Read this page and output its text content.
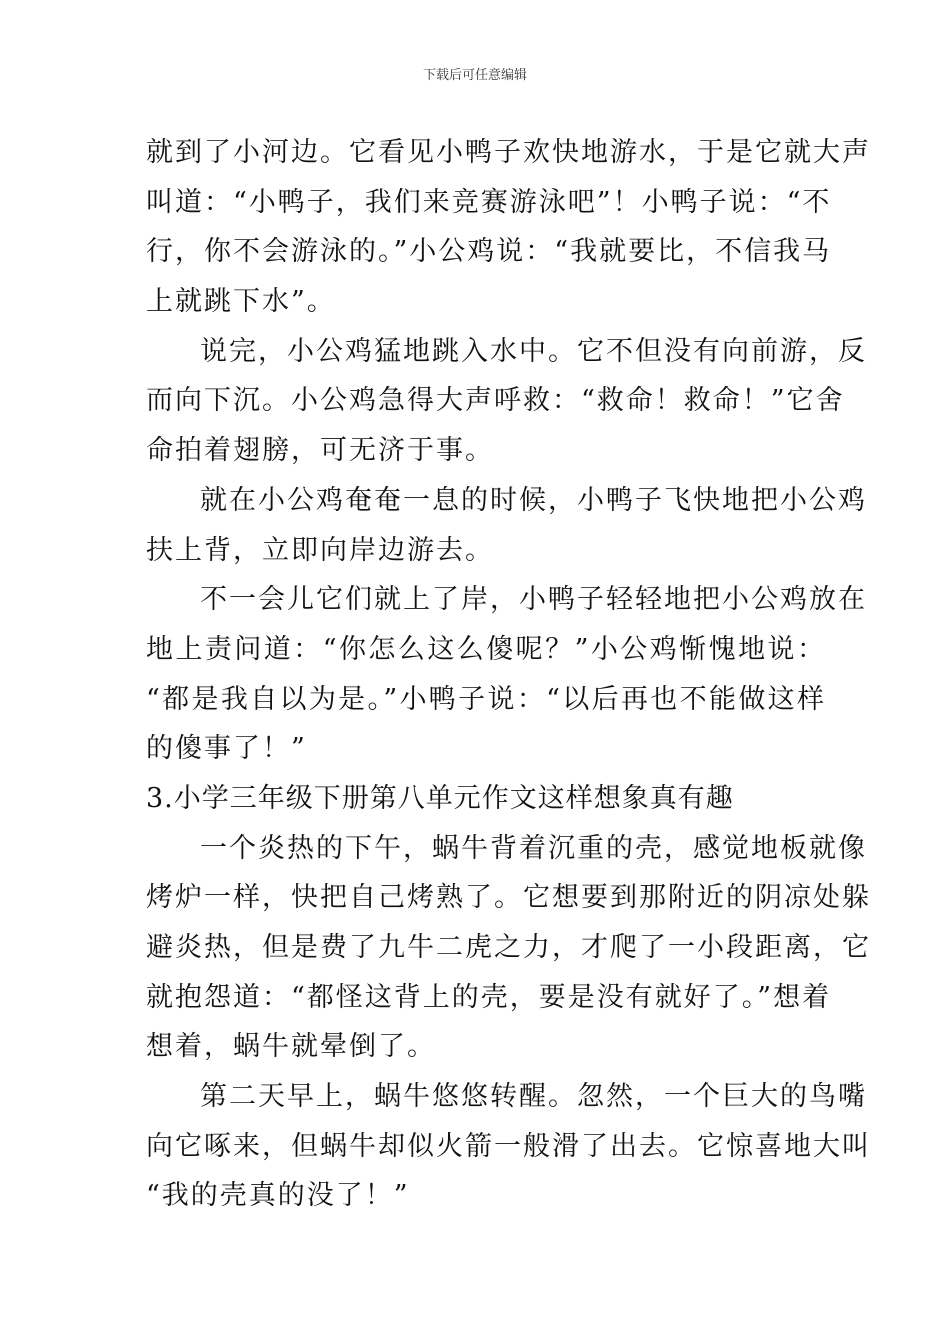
下载后可任意编辑
就到了小河边。它看见小鸭子欢快地游水，于是它就大声
叫道：“小鸭子，我们来竞赛游泳吧”！小鸭子说：“不
行，你不会游泳的。”小公鸡说：“我就要比，不信我马
上就跳下水”。
说完，小公鸡猛地跳入水中。它不但没有向前游，反
而向下沉。小公鸡急得大声呼救：“救命！救命！”它舍
命拍着翅膀，可无济于事。
就在小公鸡奄奄一息的时候，小鸭子飞快地把小公鸡
扶上背，立即向岸边游去。
不一会儿它们就上了岸，小鸭子轻轻地把小公鸡放在
地上责问道：“你怎么这么傻呢？”小公鸡惭愧地说：
“都是我自以为是。”小鸭子说：“以后再也不能做这样
的傻事了！”
3.小学三年级下册第八单元作文这样想象真有趣
一个炎热的下午，蜗牛背着沉重的壳，感觉地板就像
烤炉一样，快把自己烤熟了。它想要到那附近的阴凉处躲
避炎热，但是费了九牛二虎之力，才爬了一小段距离，它
就抱怨道：“都怪这背上的壳，要是没有就好了。”想着
想着，蜗牛就晕倒了。
第二天早上，蜗牛悠悠转醒。忽然，一个巨大的鸟嘴
向它啄来，但蜗牛却似火箭一般滑了出去。它惊喜地大叫
“我的壳真的没了！”
